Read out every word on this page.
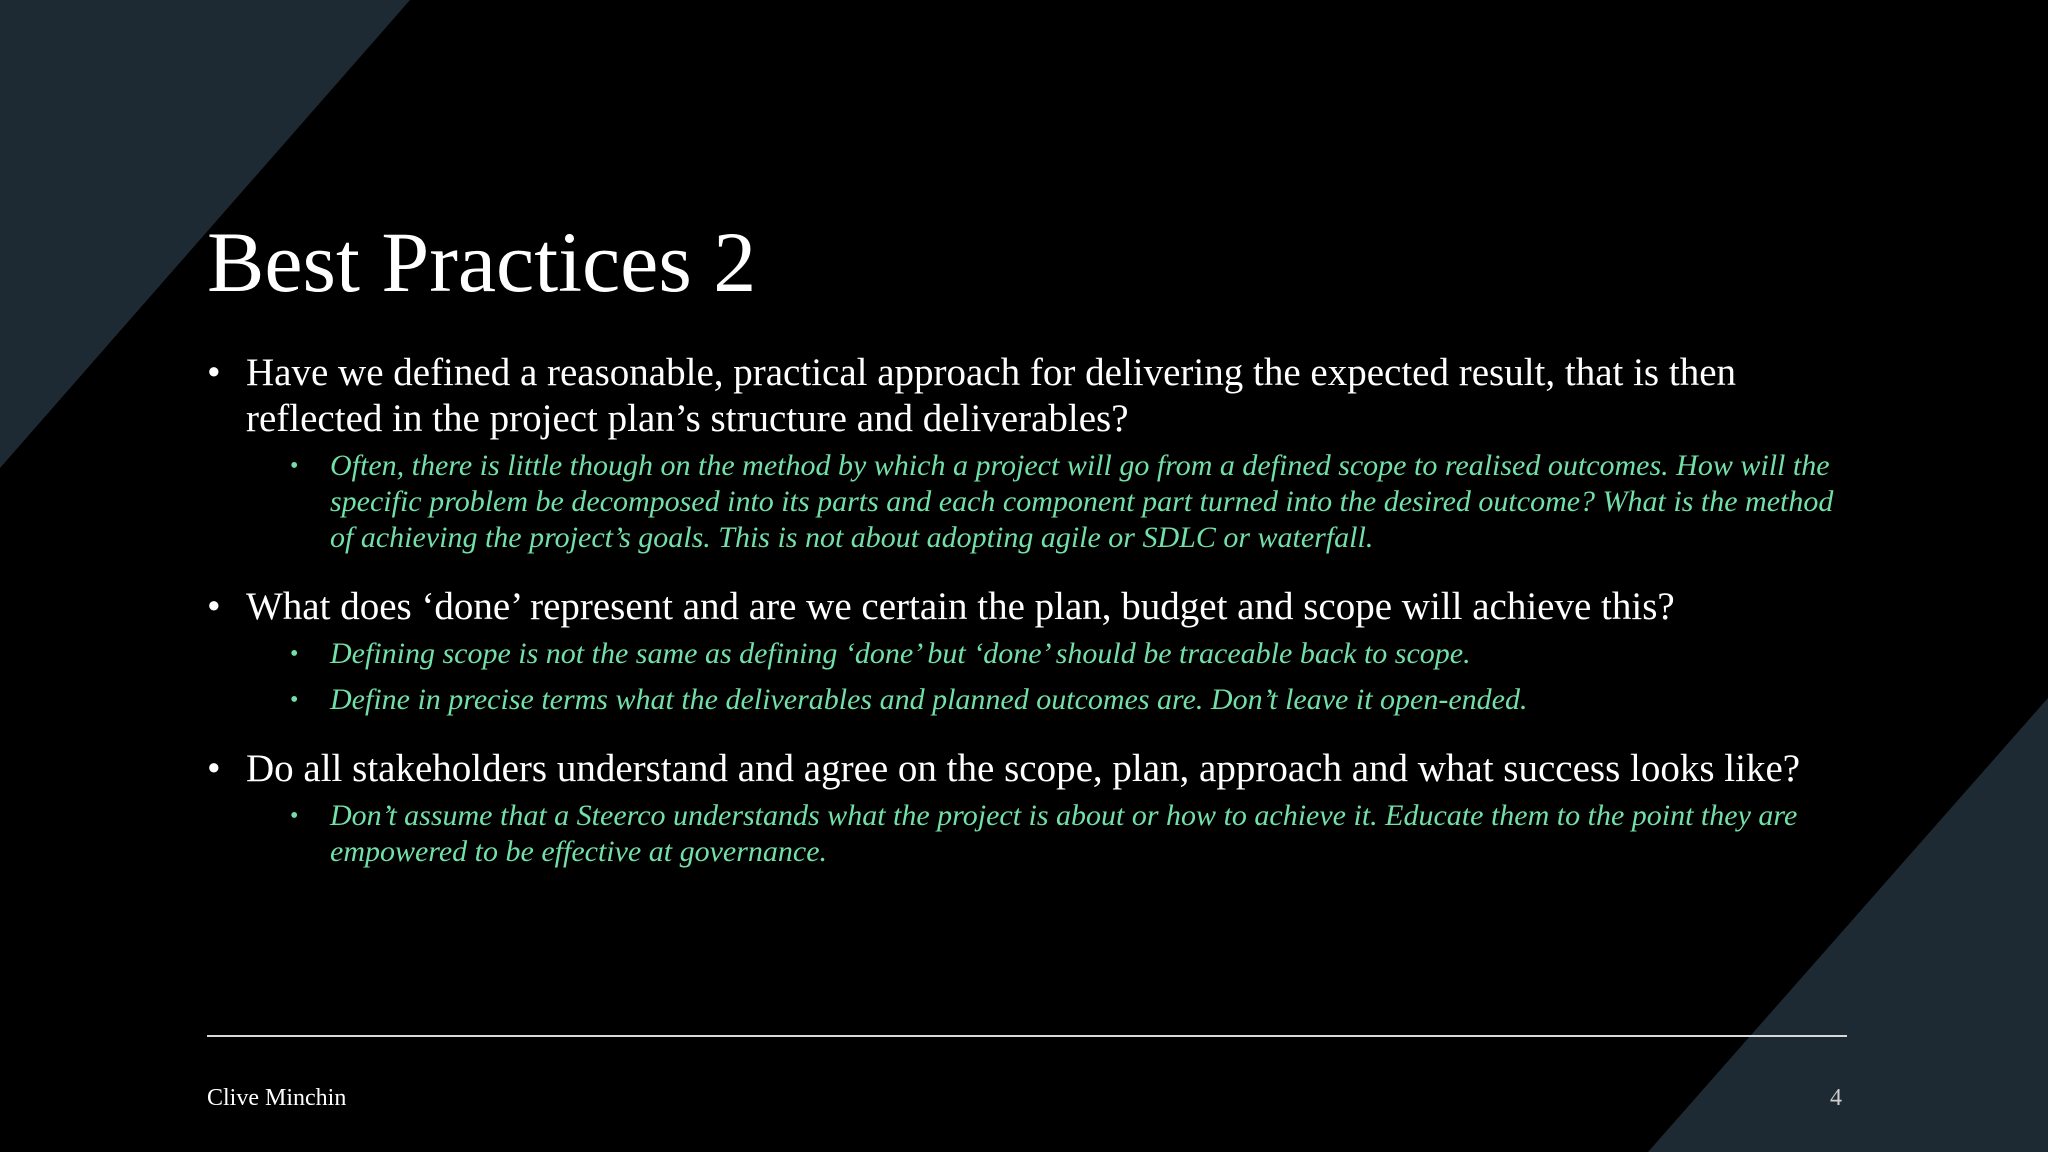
Best Practices 2

• Have we defined a reasonable, practical approach for delivering the expected result, that is then reflected in the project plan’s structure and deliverables?

• Often, there is little though on the method by which a project will go from a defined scope to realised outcomes. How will the specific problem be decomposed into its parts and each component part turned into the desired outcome? What is the method of achieving the project’s goals. This is not about adopting agile or SDLC or waterfall.

• What does ‘done’ represent and are we certain the plan, budget and scope will achieve this?

• Defining scope is not the same as defining ‘done’ but ‘done’ should be traceable back to scope.

• Define in precise terms what the deliverables and planned outcomes are. Don’t leave it open-ended.

• Do all stakeholders understand and agree on the scope, plan, approach and what success looks like?

• Don’t assume that a Steerco understands what the project is about or how to achieve it. Educate them to the point they are empowered to be effective at governance.

Clive Minchin	4
